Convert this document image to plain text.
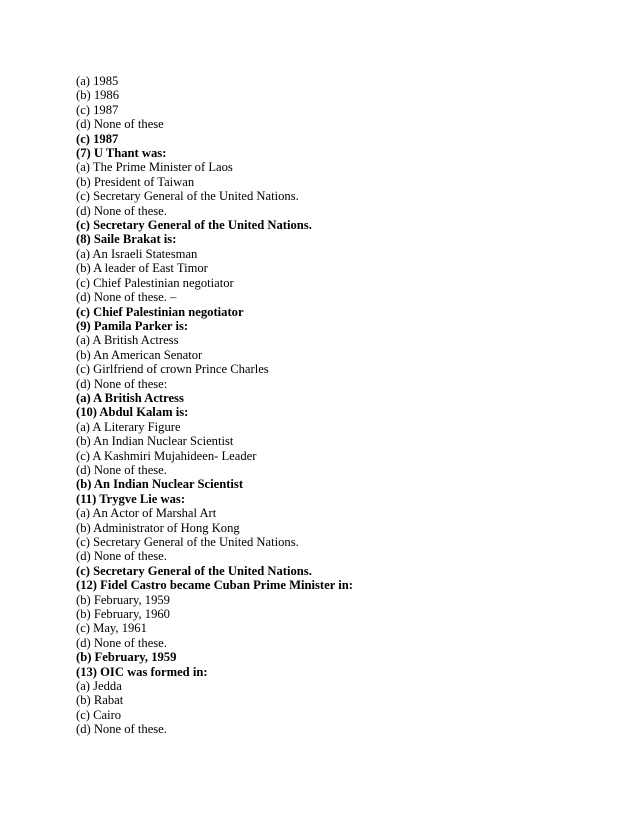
(a) 1985
(b) 1986
(c) 1987
(d) None of these
(c) 1987
(7) U Thant was:
(a) The Prime Minister of Laos
(b) President of Taiwan
(c) Secretary General of the United Nations.
(d) None of these.
(c) Secretary General of the United Nations.
(8) Saile Brakat is:
(a) An Israeli Statesman
(b) A leader of East Timor
(c) Chief Palestinian negotiator
(d) None of these. –
(c) Chief Palestinian negotiator
(9) Pamila Parker is:
(a) A British Actress
(b) An American Senator
(c) Girlfriend of crown Prince Charles
(d) None of these:
(a) A British Actress
(10) Abdul Kalam is:
(a) A Literary Figure
(b) An Indian Nuclear Scientist
(c) A Kashmiri Mujahideen- Leader
(d) None of these.
(b) An Indian Nuclear Scientist
(11) Trygve Lie was:
(a) An Actor of Marshal Art
(b) Administrator of Hong Kong
(c) Secretary General of the United Nations.
(d) None of these.
(c) Secretary General of the United Nations.
(12) Fidel Castro became Cuban Prime Minister in:
(b) February, 1959
(b) February, 1960
(c) May, 1961
(d) None of these.
(b) February, 1959
(13) OIC was formed in:
(a) Jedda
(b) Rabat
(c) Cairo
(d) None of these.
